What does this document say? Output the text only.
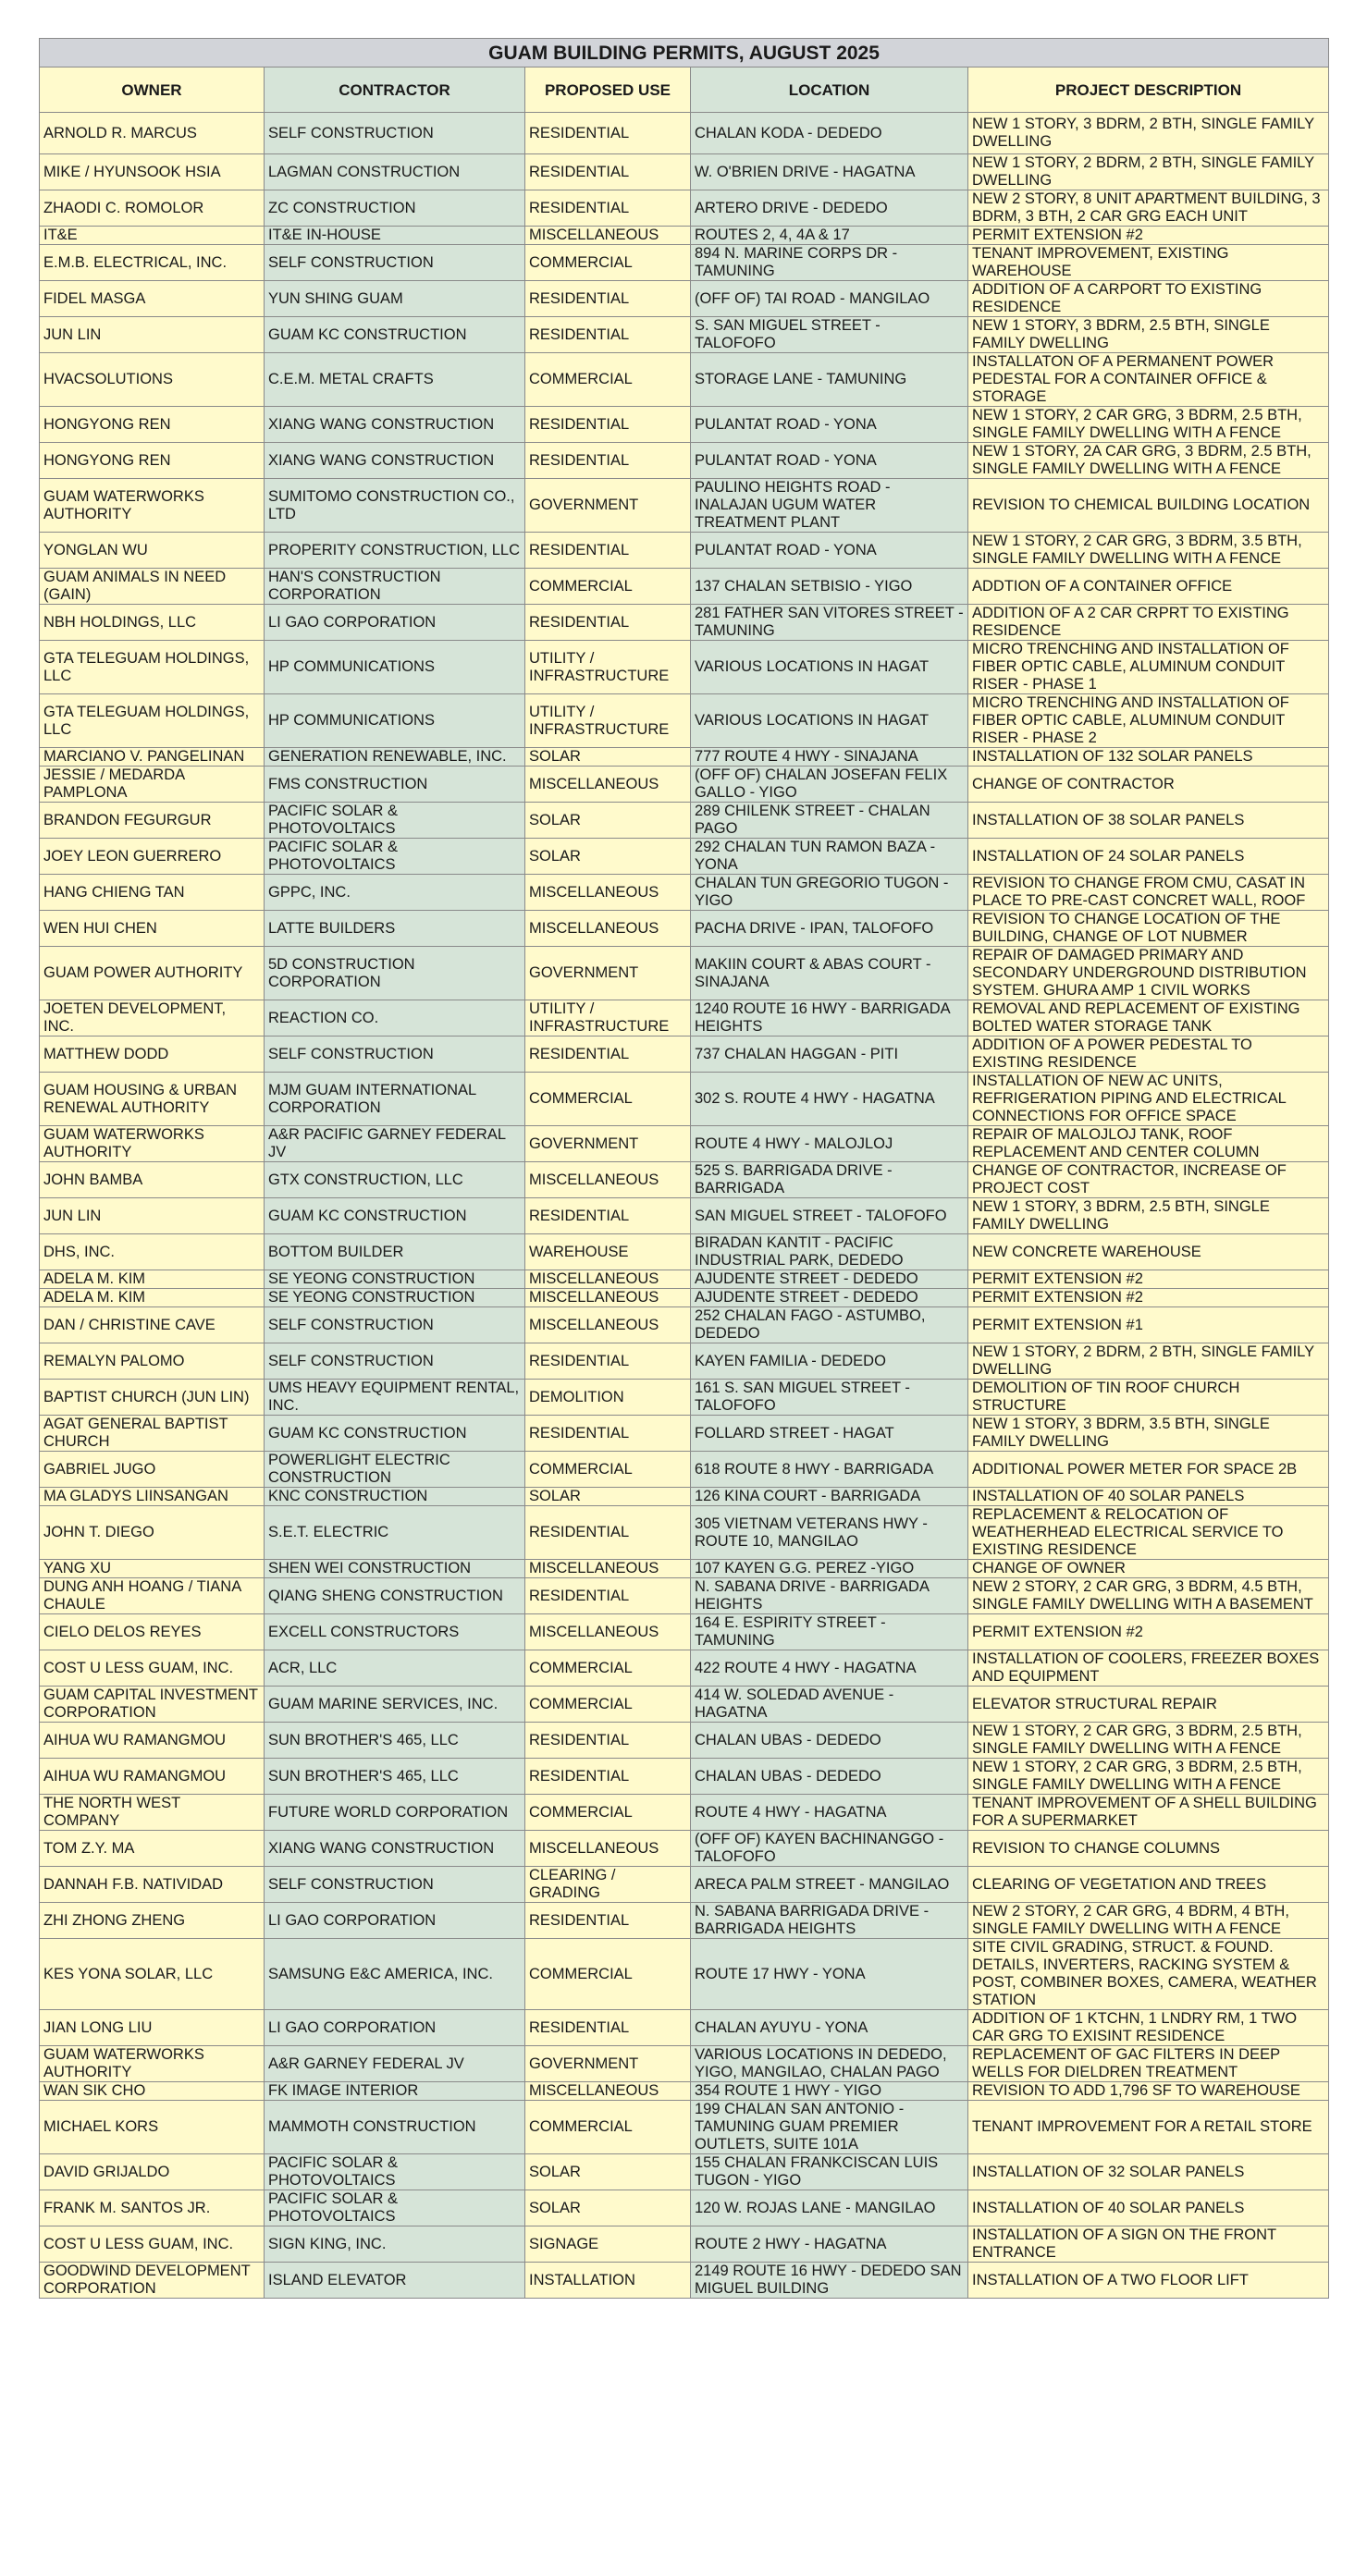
GUAM BUILDING PERMITS, AUGUST 2025				
OWNER	CONTRACTOR	PROPOSED USE	LOCATION	PROJECT DESCRIPTION
ARNOLD R. MARCUS	SELF CONSTRUCTION	RESIDENTIAL	CHALAN KODA - DEDEDO	NEW 1 STORY, 3 BDRM, 2 BTH, SINGLE FAMILY DWELLING
MIKE / HYUNSOOK HSIA	LAGMAN CONSTRUCTION	RESIDENTIAL	W. O'BRIEN DRIVE - HAGATNA	NEW 1 STORY, 2 BDRM, 2 BTH, SINGLE FAMILY DWELLING
ZHAODI C. ROMOLOR	ZC CONSTRUCTION	RESIDENTIAL	ARTERO DRIVE - DEDEDO	NEW 2 STORY, 8 UNIT APARTMENT BUILDING, 3 BDRM, 3 BTH, 2 CAR GRG EACH UNIT
IT&E	IT&E IN-HOUSE	MISCELLANEOUS	ROUTES 2, 4, 4A & 17	PERMIT EXTENSION #2
E.M.B. ELECTRICAL, INC.	SELF CONSTRUCTION	COMMERCIAL	894 N. MARINE CORPS DR - TAMUNING	TENANT IMPROVEMENT, EXISTING WAREHOUSE
FIDEL MASGA	YUN SHING GUAM	RESIDENTIAL	(OFF OF) TAI ROAD - MANGILAO	ADDITION OF A CARPORT TO EXISTING RESIDENCE
JUN LIN	GUAM KC CONSTRUCTION	RESIDENTIAL	S. SAN MIGUEL STREET - TALOFOFO	NEW 1 STORY, 3 BDRM, 2.5 BTH, SINGLE FAMILY DWELLING
HVACSOLUTIONS	C.E.M. METAL CRAFTS	COMMERCIAL	STORAGE LANE - TAMUNING	INSTALLATON OF A PERMANENT POWER PEDESTAL FOR A CONTAINER OFFICE & STORAGE
HONGYONG REN	XIANG WANG CONSTRUCTION	RESIDENTIAL	PULANTAT ROAD - YONA	NEW 1 STORY, 2 CAR GRG, 3 BDRM, 2.5 BTH, SINGLE FAMILY DWELLING WITH A FENCE
HONGYONG REN	XIANG WANG CONSTRUCTION	RESIDENTIAL	PULANTAT ROAD - YONA	NEW 1 STORY, 2A CAR GRG, 3 BDRM, 2.5 BTH, SINGLE FAMILY DWELLING WITH A FENCE
GUAM WATERWORKS AUTHORITY	SUMITOMO CONSTRUCTION CO., LTD	GOVERNMENT	PAULINO HEIGHTS ROAD - INALAJAN UGUM WATER TREATMENT PLANT	REVISION TO CHEMICAL BUILDING LOCATION
YONGLAN WU	PROPERITY CONSTRUCTION, LLC	RESIDENTIAL	PULANTAT ROAD - YONA	NEW 1 STORY, 2 CAR GRG, 3 BDRM, 3.5 BTH, SINGLE FAMILY DWELLING WITH A FENCE
GUAM ANIMALS IN NEED (GAIN)	HAN'S CONSTRUCTION CORPORATION	COMMERCIAL	137 CHALAN SETBISIO - YIGO	ADDTION OF A CONTAINER OFFICE
NBH HOLDINGS, LLC	LI GAO CORPORATION	RESIDENTIAL	281 FATHER SAN VITORES STREET - TAMUNING	ADDITION OF A 2 CAR CRPRT TO EXISTING RESIDENCE
GTA TELEGUAM HOLDINGS, LLC	HP COMMUNICATIONS	UTILITY / INFRASTRUCTURE	VARIOUS LOCATIONS IN HAGAT	MICRO TRENCHING AND INSTALLATION OF FIBER OPTIC CABLE, ALUMINUM CONDUIT RISER - PHASE 1
GTA TELEGUAM HOLDINGS, LLC	HP COMMUNICATIONS	UTILITY / INFRASTRUCTURE	VARIOUS LOCATIONS IN HAGAT	MICRO TRENCHING AND INSTALLATION OF FIBER OPTIC CABLE, ALUMINUM CONDUIT RISER - PHASE 2
MARCIANO V. PANGELINAN	GENERATION RENEWABLE, INC.	SOLAR	777 ROUTE 4 HWY - SINAJANA	INSTALLATION OF 132 SOLAR PANELS
JESSIE / MEDARDA PAMPLONA	FMS CONSTRUCTION	MISCELLANEOUS	(OFF OF) CHALAN JOSEFAN FELIX GALLO - YIGO	CHANGE OF CONTRACTOR
BRANDON FEGURGUR	PACIFIC SOLAR & PHOTOVOLTAICS	SOLAR	289 CHILENK STREET - CHALAN PAGO	INSTALLATION OF 38 SOLAR PANELS
JOEY LEON GUERRERO	PACIFIC SOLAR & PHOTOVOLTAICS	SOLAR	292 CHALAN TUN RAMON BAZA - YONA	INSTALLATION OF 24 SOLAR PANELS
HANG CHIENG TAN	GPPC, INC.	MISCELLANEOUS	CHALAN TUN GREGORIO TUGON - YIGO	REVISION TO CHANGE FROM CMU, CASAT IN PLACE TO PRE-CAST CONCRET WALL, ROOF
WEN HUI CHEN	LATTE BUILDERS	MISCELLANEOUS	PACHA DRIVE - IPAN, TALOFOFO	REVISION TO CHANGE LOCATION OF THE BUILDING, CHANGE OF LOT NUBMER
GUAM POWER AUTHORITY	5D CONSTRUCTION CORPORATION	GOVERNMENT	MAKIIN COURT & ABAS COURT - SINAJANA	REPAIR OF DAMAGED PRIMARY AND SECONDARY UNDERGROUND DISTRIBUTION SYSTEM. GHURA AMP 1 CIVIL WORKS
JOETEN DEVELOPMENT, INC.	REACTION CO.	UTILITY / INFRASTRUCTURE	1240 ROUTE 16 HWY - BARRIGADA HEIGHTS	REMOVAL AND REPLACEMENT OF EXISTING BOLTED WATER STORAGE TANK
MATTHEW DODD	SELF CONSTRUCTION	RESIDENTIAL	737 CHALAN HAGGAN - PITI	ADDITION OF A POWER PEDESTAL TO EXISTING RESIDENCE
GUAM HOUSING & URBAN RENEWAL AUTHORITY	MJM GUAM INTERNATIONAL CORPORATION	COMMERCIAL	302 S. ROUTE 4 HWY - HAGATNA	INSTALLATION OF NEW AC UNITS, REFRIGERATION PIPING AND ELECTRICAL CONNECTIONS FOR OFFICE SPACE
GUAM WATERWORKS AUTHORITY	A&R PACIFIC GARNEY FEDERAL JV	GOVERNMENT	ROUTE 4 HWY - MALOJLOJ	REPAIR OF MALOJLOJ TANK, ROOF REPLACEMENT AND CENTER COLUMN
JOHN BAMBA	GTX CONSTRUCTION, LLC	MISCELLANEOUS	525 S. BARRIGADA DRIVE - BARRIGADA	CHANGE OF CONTRACTOR, INCREASE OF PROJECT COST
JUN LIN	GUAM KC CONSTRUCTION	RESIDENTIAL	SAN MIGUEL STREET - TALOFOFO	NEW 1 STORY, 3 BDRM, 2.5 BTH, SINGLE FAMILY DWELLING
DHS, INC.	BOTTOM BUILDER	WAREHOUSE	BIRADAN KANTIT - PACIFIC INDUSTRIAL PARK, DEDEDO	NEW CONCRETE WAREHOUSE
ADELA M. KIM	SE YEONG CONSTRUCTION	MISCELLANEOUS	AJUDENTE STREET - DEDEDO	PERMIT EXTENSION #2
ADELA M. KIM	SE YEONG CONSTRUCTION	MISCELLANEOUS	AJUDENTE STREET - DEDEDO	PERMIT EXTENSION #2
DAN / CHRISTINE CAVE	SELF CONSTRUCTION	MISCELLANEOUS	252 CHALAN FAGO - ASTUMBO, DEDEDO	PERMIT EXTENSION #1
REMALYN PALOMO	SELF CONSTRUCTION	RESIDENTIAL	KAYEN FAMILIA - DEDEDO	NEW 1 STORY, 2 BDRM, 2 BTH, SINGLE FAMILY DWELLING
BAPTIST CHURCH (JUN LIN)	UMS HEAVY EQUIPMENT RENTAL, INC.	DEMOLITION	161 S. SAN MIGUEL STREET - TALOFOFO	DEMOLITION OF TIN ROOF CHURCH STRUCTURE
AGAT GENERAL BAPTIST CHURCH	GUAM KC CONSTRUCTION	RESIDENTIAL	FOLLARD STREET - HAGAT	NEW 1 STORY, 3 BDRM, 3.5 BTH, SINGLE FAMILY DWELLING
GABRIEL JUGO	POWERLIGHT ELECTRIC CONSTRUCTION	COMMERCIAL	618 ROUTE 8 HWY - BARRIGADA	ADDITIONAL POWER METER FOR SPACE 2B
MA GLADYS LIINSANGAN	KNC CONSTRUCTION	SOLAR	126 KINA COURT - BARRIGADA	INSTALLATION OF 40 SOLAR PANELS
JOHN T. DIEGO	S.E.T. ELECTRIC	RESIDENTIAL	305 VIETNAM VETERANS HWY - ROUTE 10, MANGILAO	REPLACEMENT & RELOCATION OF WEATHERHEAD ELECTRICAL SERVICE TO EXISTING RESIDENCE
YANG XU	SHEN WEI CONSTRUCTION	MISCELLANEOUS	107 KAYEN G.G. PEREZ -YIGO	CHANGE OF OWNER
DUNG ANH HOANG / TIANA CHAULE	QIANG SHENG CONSTRUCTION	RESIDENTIAL	N. SABANA DRIVE - BARRIGADA HEIGHTS	NEW 2 STORY, 2 CAR GRG, 3 BDRM, 4.5 BTH, SINGLE FAMILY DWELLING WITH A BASEMENT
CIELO DELOS REYES	EXCELL CONSTRUCTORS	MISCELLANEOUS	164 E. ESPIRITY STREET - TAMUNING	PERMIT EXTENSION #2
COST U LESS GUAM, INC.	ACR, LLC	COMMERCIAL	422 ROUTE 4 HWY - HAGATNA	INSTALLATION OF COOLERS, FREEZER BOXES AND EQUIPMENT
GUAM CAPITAL INVESTMENT CORPORATION	GUAM MARINE SERVICES, INC.	COMMERCIAL	414 W. SOLEDAD AVENUE - HAGATNA	ELEVATOR STRUCTURAL REPAIR
AIHUA WU RAMANGMOU	SUN BROTHER'S 465, LLC	RESIDENTIAL	CHALAN UBAS - DEDEDO	NEW 1 STORY, 2 CAR GRG, 3 BDRM, 2.5 BTH, SINGLE FAMILY DWELLING WITH A FENCE
AIHUA WU RAMANGMOU	SUN BROTHER'S 465, LLC	RESIDENTIAL	CHALAN UBAS - DEDEDO	NEW 1 STORY, 2 CAR GRG, 3 BDRM, 2.5 BTH, SINGLE FAMILY DWELLING WITH A FENCE
THE NORTH WEST COMPANY	FUTURE WORLD CORPORATION	COMMERCIAL	ROUTE 4 HWY - HAGATNA	TENANT IMPROVEMENT OF A SHELL BUILDING FOR A SUPERMARKET
TOM Z.Y. MA	XIANG WANG CONSTRUCTION	MISCELLANEOUS	(OFF OF) KAYEN BACHINANGGO - TALOFOFO	REVISION TO CHANGE COLUMNS
DANNAH F.B. NATIVIDAD	SELF CONSTRUCTION	CLEARING / GRADING	ARECA PALM STREET - MANGILAO	CLEARING OF VEGETATION AND TREES
ZHI ZHONG ZHENG	LI GAO CORPORATION	RESIDENTIAL	N. SABANA BARRIGADA DRIVE - BARRIGADA HEIGHTS	NEW 2 STORY, 2 CAR GRG, 4 BDRM, 4 BTH, SINGLE FAMILY DWELLING WITH A FENCE
KES YONA SOLAR, LLC	SAMSUNG E&C AMERICA, INC.	COMMERCIAL	ROUTE 17 HWY - YONA	SITE CIVIL GRADING, STRUCT. & FOUND. DETAILS, INVERTERS, RACKING SYSTEM & POST, COMBINER BOXES, CAMERA, WEATHER STATION
JIAN LONG LIU	LI GAO CORPORATION	RESIDENTIAL	CHALAN AYUYU - YONA	ADDITION OF 1 KTCHN, 1 LNDRY RM, 1 TWO CAR GRG TO EXISINT RESIDENCE
GUAM WATERWORKS AUTHORITY	A&R GARNEY FEDERAL JV	GOVERNMENT	VARIOUS LOCATIONS IN DEDEDO, YIGO, MANGILAO, CHALAN PAGO	REPLACEMENT OF GAC FILTERS IN DEEP WELLS FOR DIELDREN TREATMENT
WAN SIK CHO	FK IMAGE INTERIOR	MISCELLANEOUS	354 ROUTE 1 HWY - YIGO	REVISION TO ADD 1,796 SF TO WAREHOUSE
MICHAEL KORS	MAMMOTH CONSTRUCTION	COMMERCIAL	199 CHALAN SAN ANTONIO - TAMUNING GUAM PREMIER OUTLETS, SUITE 101A	TENANT IMPROVEMENT FOR A RETAIL STORE
DAVID GRIJALDO	PACIFIC SOLAR & PHOTOVOLTAICS	SOLAR	155 CHALAN FRANKCISCAN LUIS TUGON - YIGO	INSTALLATION OF 32 SOLAR PANELS
FRANK M. SANTOS JR.	PACIFIC SOLAR & PHOTOVOLTAICS	SOLAR	120 W. ROJAS LANE - MANGILAO	INSTALLATION OF 40 SOLAR PANELS
COST U LESS GUAM, INC.	SIGN KING, INC.	SIGNAGE	ROUTE 2 HWY - HAGATNA	INSTALLATION OF A SIGN ON THE FRONT ENTRANCE
GOODWIND DEVELOPMENT CORPORATION	ISLAND ELEVATOR	INSTALLATION	2149 ROUTE 16 HWY - DEDEDO SAN MIGUEL BUILDING	INSTALLATION OF A TWO FLOOR LIFT
